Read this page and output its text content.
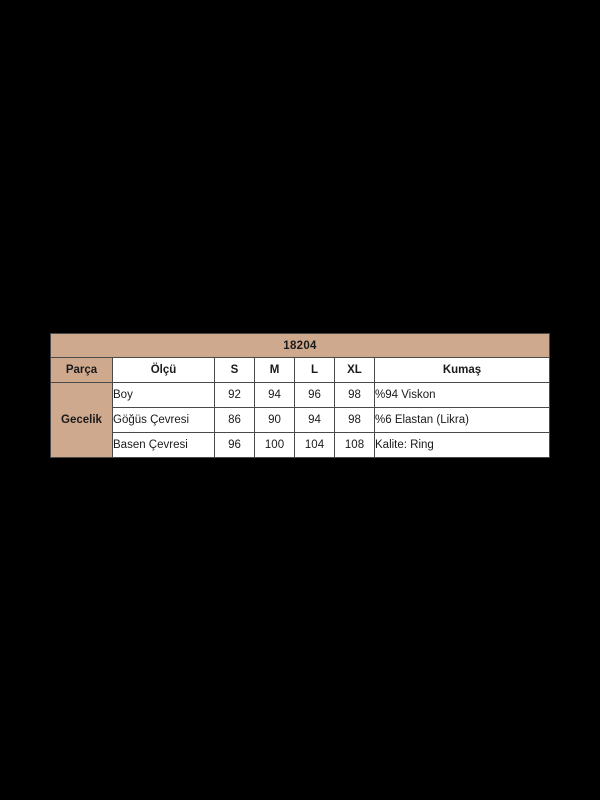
18204						
Parça	Ölçü	S	M	L	XL	Kumaş
Gecelik	Boy	92	94	96	98	%94 Viskon
	Göğüs Çevresi	86	90	94	98	%6 Elastan (Likra)
	Basen Çevresi	96	100	104	108	Kalite: Ring
